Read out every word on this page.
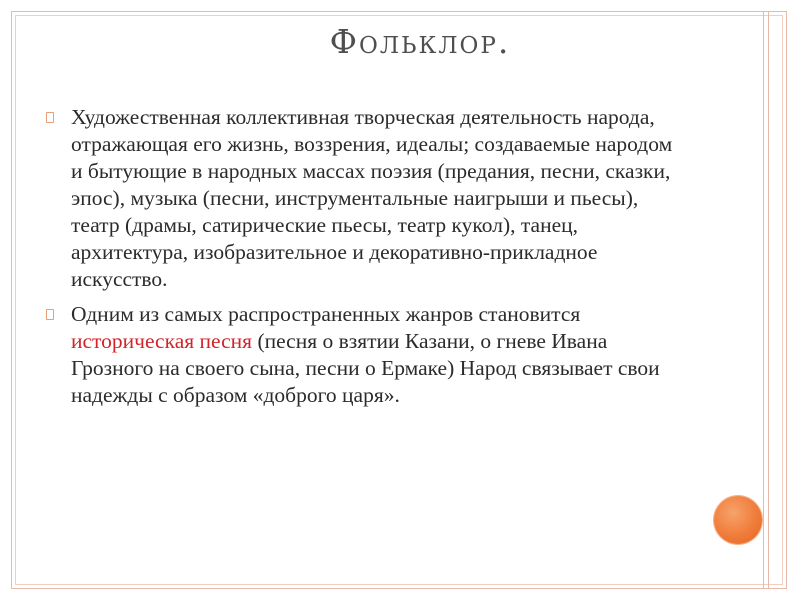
Фольклор.
Художественная коллективная творческая деятельность народа, отражающая его жизнь, воззрения, идеалы; создаваемые народом и бытующие в народных массах поэзия (предания, песни, сказки, эпос), музыка (песни, инструментальные наигрыши и пьесы), театр (драмы, сатирические пьесы, театр кукол), танец, архитектура, изобразительное и декоративно-прикладное искусство.
Одним из самых распространенных жанров становится историческая песня (песня о взятии Казани, о гневе Ивана Грозного на своего сына, песни о Ермаке) Народ связывает свои надежды с образом «доброго царя».
